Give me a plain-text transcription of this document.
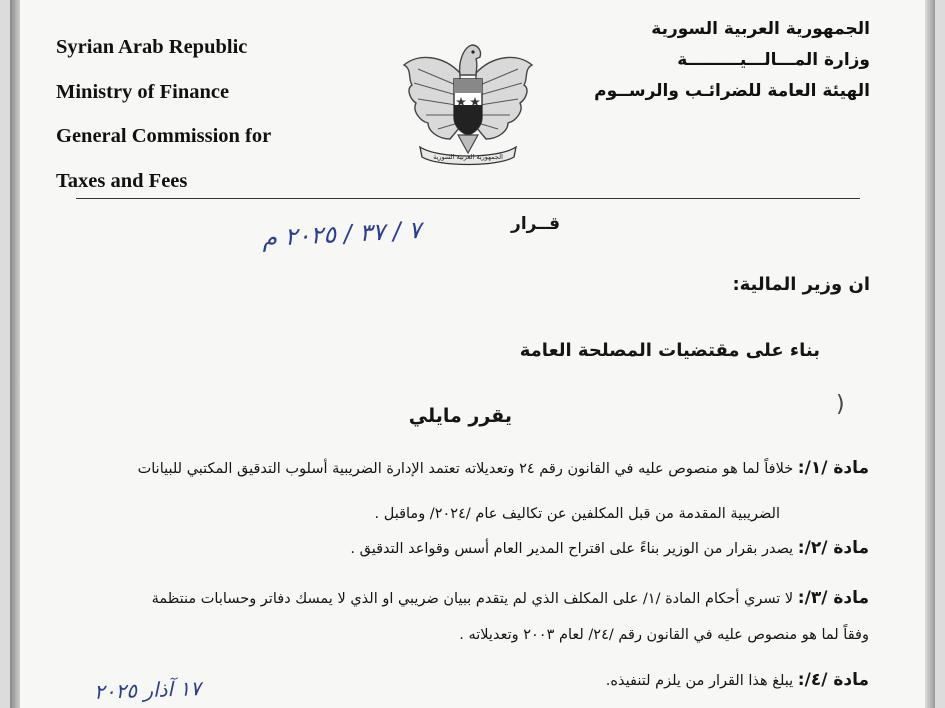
Syrian Arab Republic
Ministry of Finance
General Commission for
Taxes and Fees
الجمهورية العربية السورية
الجمهورية العربية السورية
وزارة المـــالـــيـــــــــة
الهيئة العامة للضرائـب والرســوم
قــرار
٧ / ٣٧ / ٢٠٢٥ م
ان وزير المالية:
بناء على مقتضيات المصلحة العامة
يقرر مايلي	(
مادة /١/: خلافاً لما هو منصوص عليه في القانون رقم ٢٤ وتعديلاته تعتمد الإدارة الضريبية أسلوب التدقيق المكتبي للبيانات
الضريبية المقدمة من قبل المكلفين عن تكاليف عام /٢٠٢٤/ وماقبل .
مادة /٢/: يصدر بقرار من الوزير بناءً على اقتراح المدير العام أسس وقواعد التدقيق .
مادة /٣/: لا تسري أحكام المادة /١/ على المكلف الذي لم يتقدم ببيان ضريبي او الذي لا يمسك دفاتر وحسابات منتظمة
وفقاً لما هو منصوص عليه في القانون رقم /٢٤/ لعام ٢٠٠٣ وتعديلاته .
مادة /٤/: يبلغ هذا القرار من يلزم لتنفيذه.
١٧ آذار ٢٠٢٥
